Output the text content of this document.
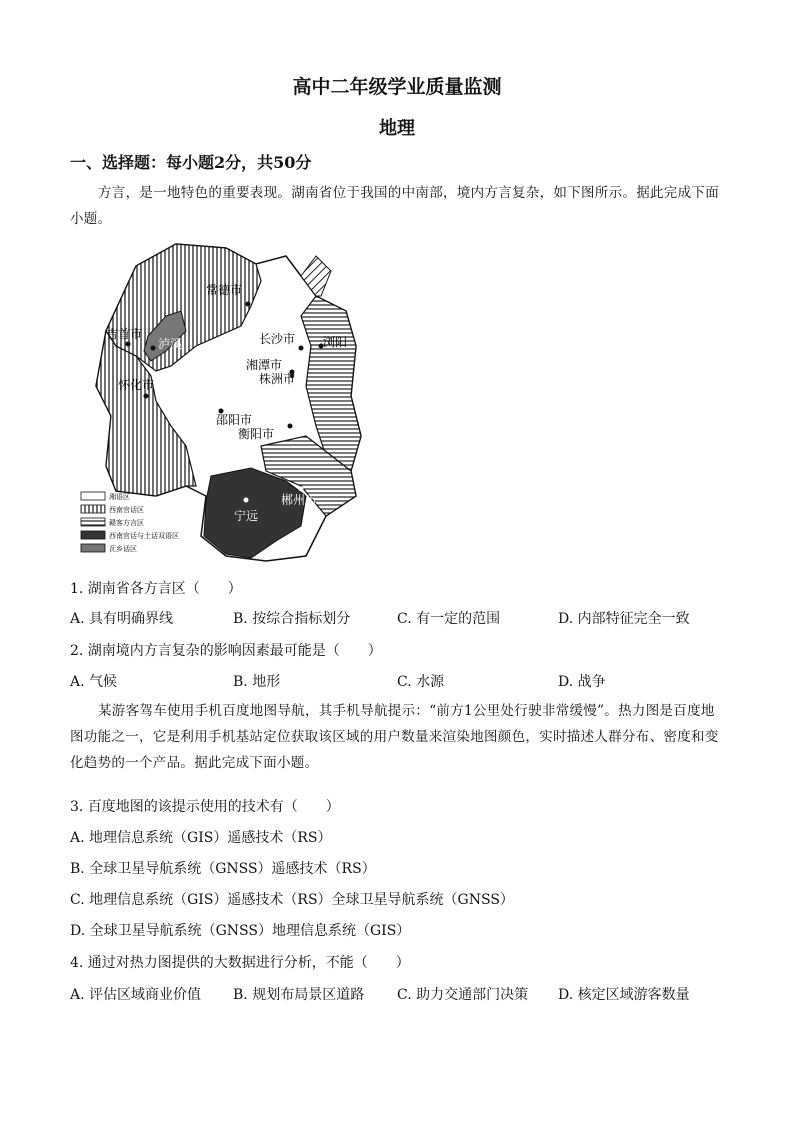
高中二年级学业质量监测
地理
一、选择题：每小题2分，共50分
方言，是一地特色的重要表现。湖南省位于我国的中南部，境内方言复杂，如下图所示。据此完成下面小题。
常德市
吉首市
泸溪	长沙市 浏阳
湘潭市
株洲市
怀化市
邵阳市
衡阳市
郴州市
宁远
湘语区
西南官话区
赣客方言区
西南官话与土话双语区
瓦乡话区
1. 湖南省各方言区（　　）
A. 具有明确界线	B. 按综合指标划分	C. 有一定的范围	D. 内部特征完全一致
2. 湖南境内方言复杂的影响因素最可能是（　　）
A. 气候	B. 地形	C. 水源	D. 战争
某游客驾车使用手机百度地图导航，其手机导航提示：“前方1公里处行驶非常缓慢”。热力图是百度地图功能之一，它是利用手机基站定位获取该区域的用户数量来渲染地图颜色，实时描述人群分布、密度和变化趋势的一个产品。据此完成下面小题。
3. 百度地图的该提示使用的技术有（　　）
A. 地理信息系统（GIS）遥感技术（RS）
B. 全球卫星导航系统（GNSS）遥感技术（RS）
C. 地理信息系统（GIS）遥感技术（RS）全球卫星导航系统（GNSS）
D. 全球卫星导航系统（GNSS）地理信息系统（GIS）
4. 通过对热力图提供的大数据进行分析，不能（　　）
A. 评估区域商业价值 B. 规划布局景区道路 C. 助力交通部门决策 D. 核定区域游客数量
